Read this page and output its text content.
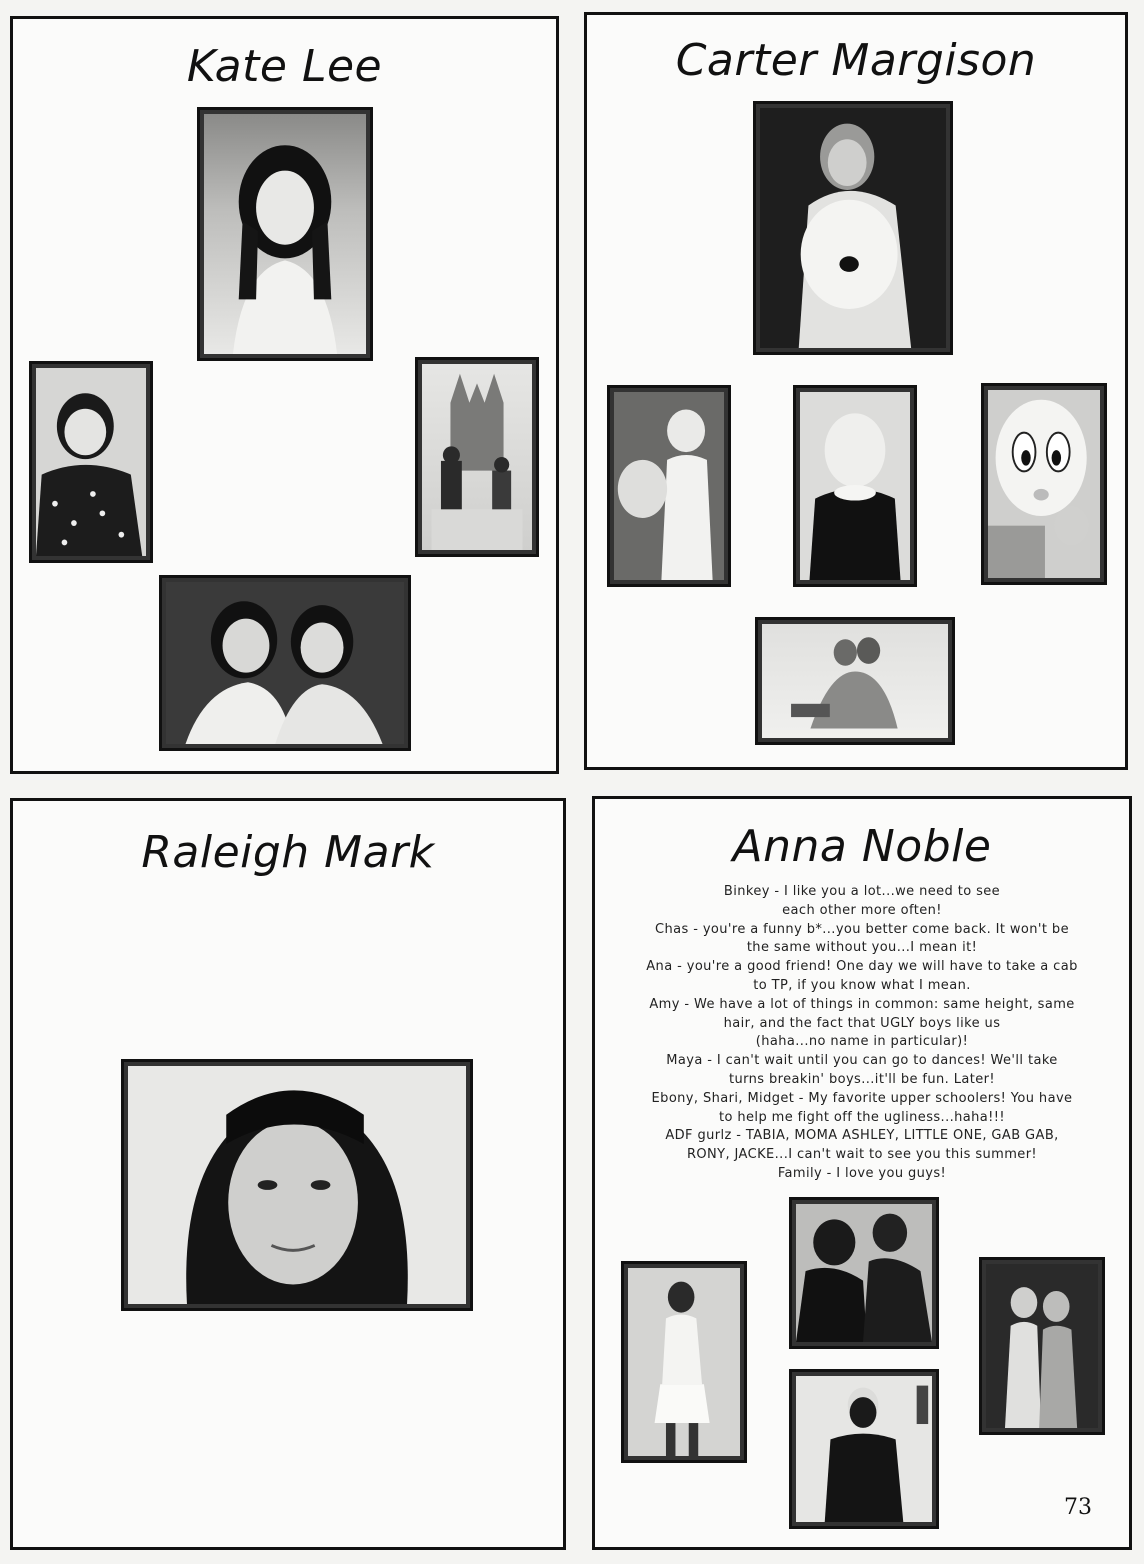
Kate Lee	Carter Margison
Raleigh Mark	Anna Noble
Binkey - I like you a lot...we need to see
each other more often!
Chas - you're a funny b*...you better come back. It won't be
the same without you...I mean it!
Ana - you're a good friend! One day we will have to take a cab
to TP, if you know what I mean.
Amy - We have a lot of things in common: same height, same
hair, and the fact that UGLY boys like us
(haha...no name in particular)!
Maya - I can't wait until you can go to dances! We'll take
turns breakin' boys...it'll be fun. Later!
Ebony, Shari, Midget - My favorite upper schoolers! You have
to help me fight off the ugliness...haha!!!
ADF gurlz - TABIA, MOMA ASHLEY, LITTLE ONE, GAB GAB,
RONY, JACKE...I can't wait to see you this summer!
Family - I love you guys!
73
